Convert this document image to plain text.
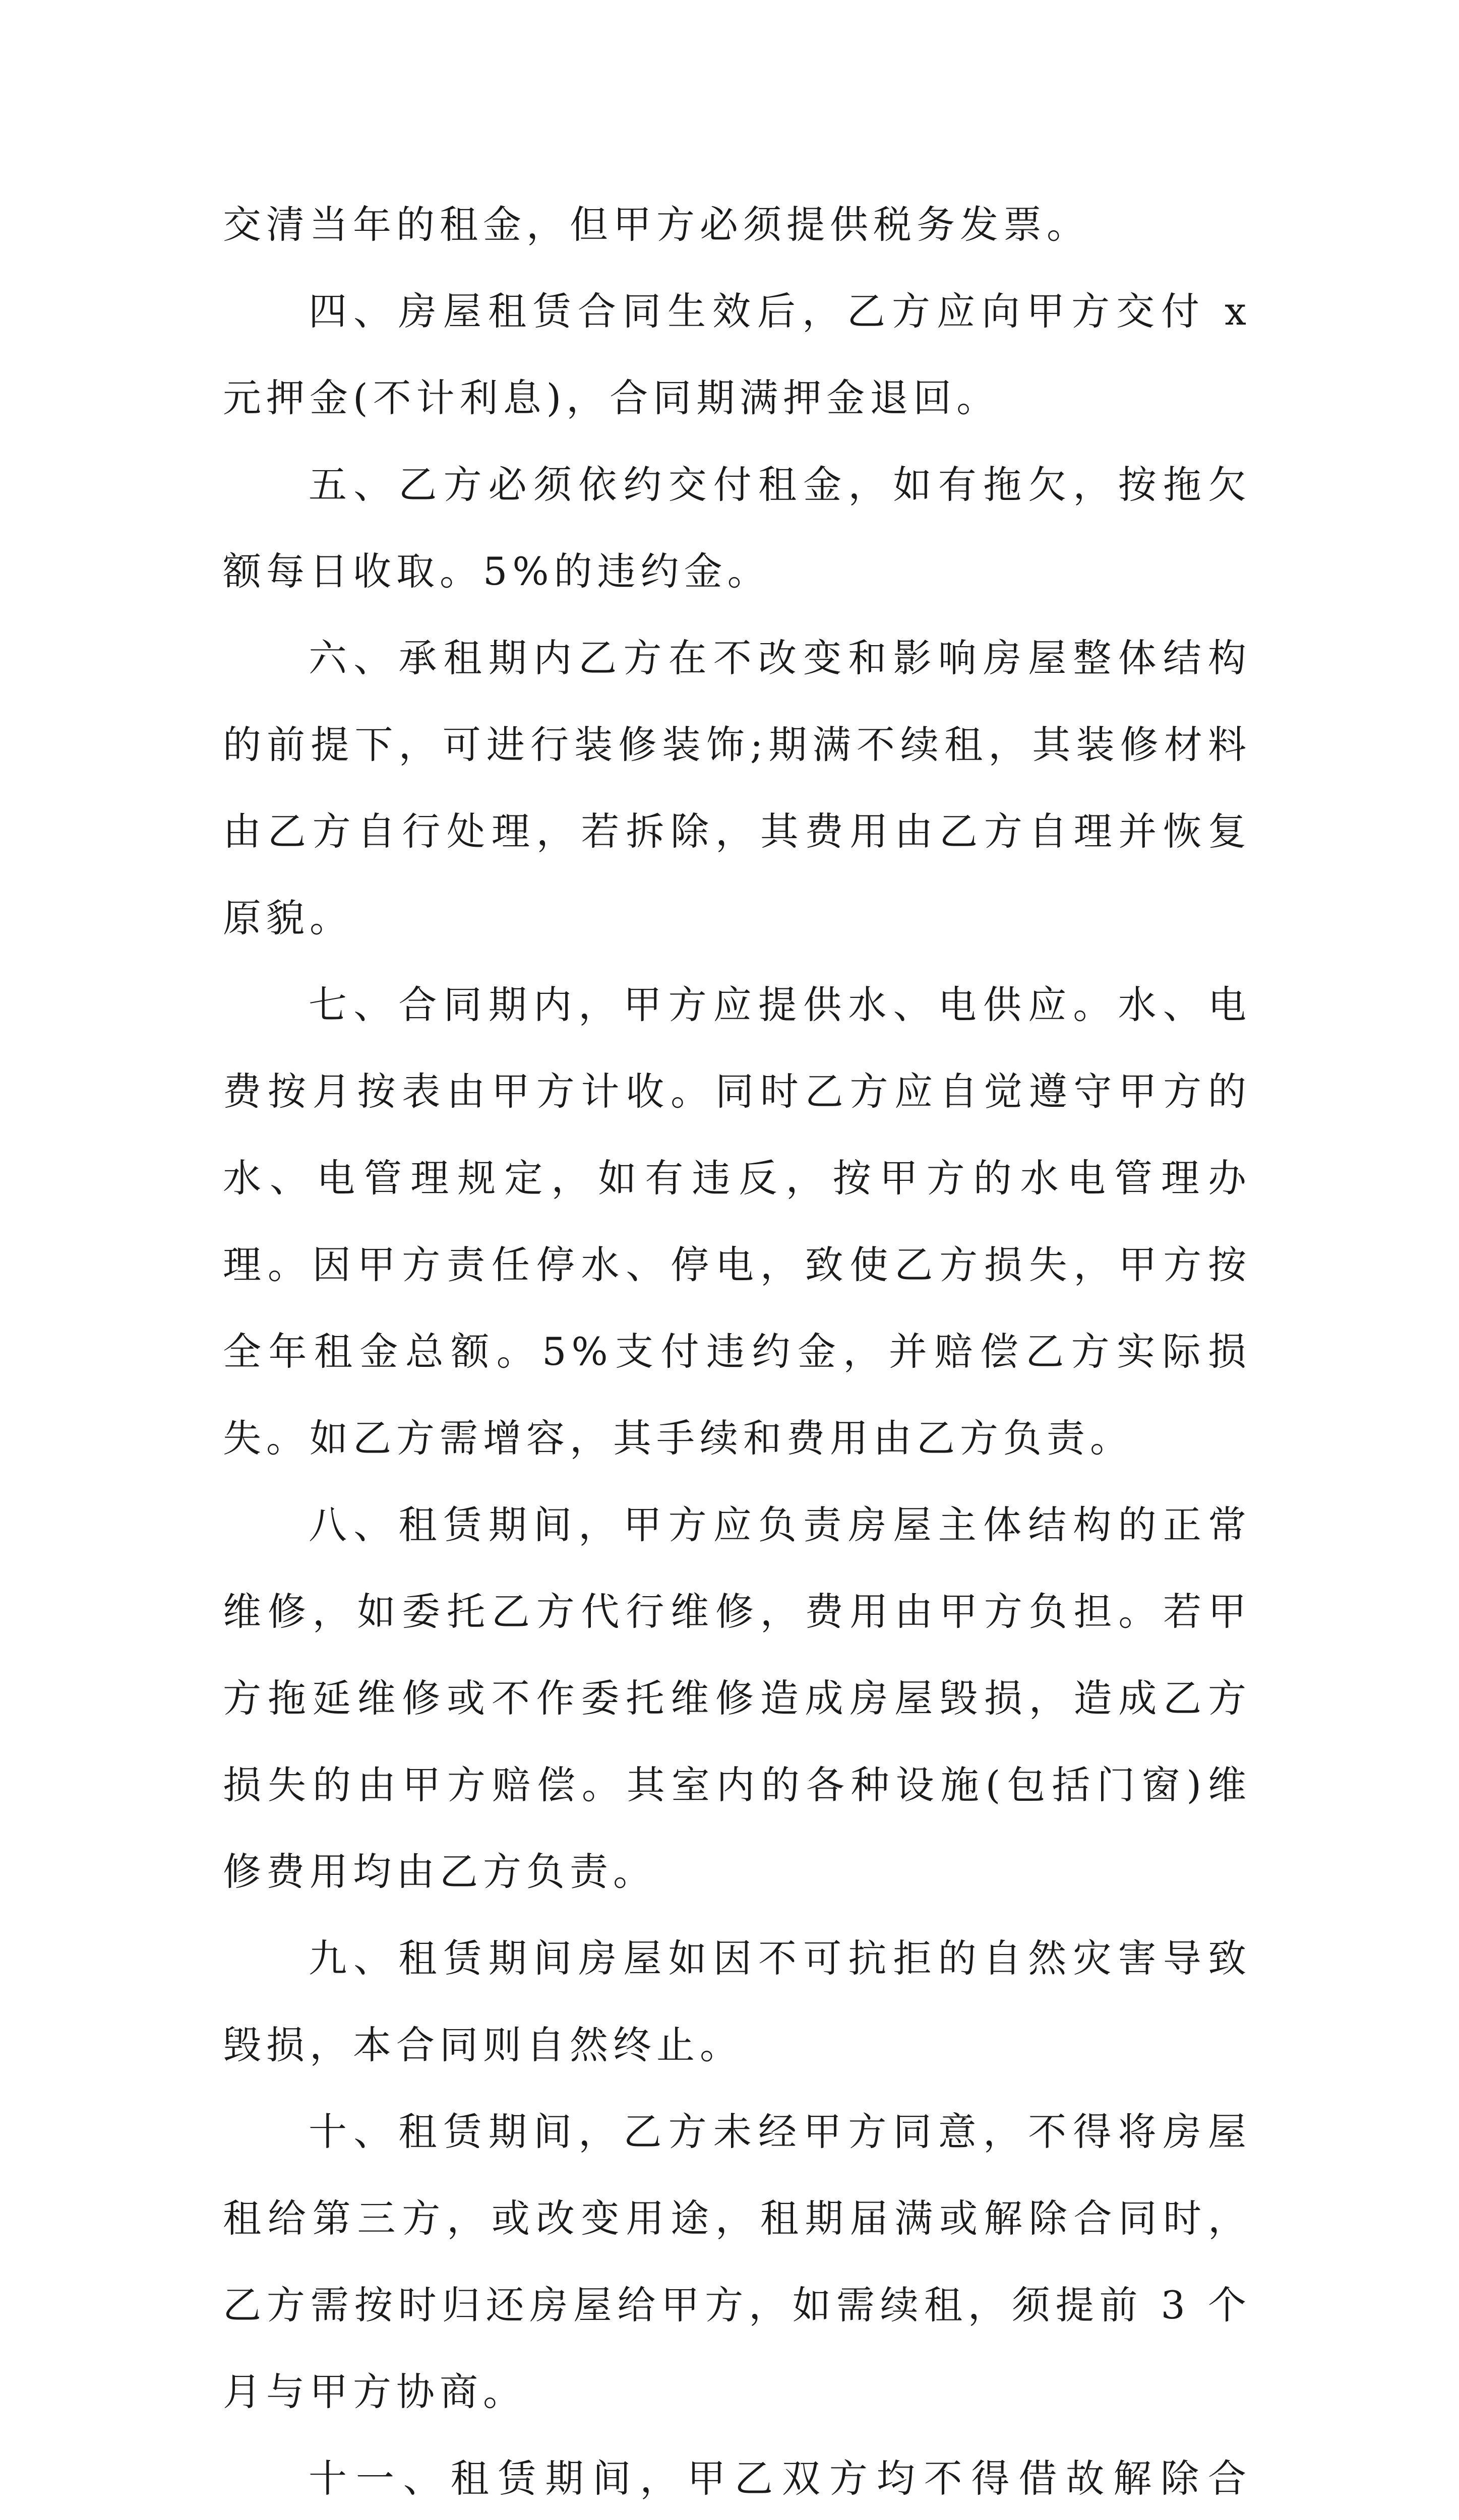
交清当年的租金，但甲方必须提供税务发票。

四、房屋租赁合同生效后，乙方应向甲方交付 x 元押金(不计利息)，合同期满押金退回。

五、乙方必须依约交付租金，如有拖欠，按拖欠额每日收取。5%的违约金。

六、承租期内乙方在不改变和影响房屋整体结构的前提下，可进行装修装饰;期满不续租，其装修材料由乙方自行处理，若拆除，其费用由乙方自理并恢复原貌。

七、合同期内，甲方应提供水、电供应。水、电费按月按表由甲方计收。同时乙方应自觉遵守甲方的水、电管理规定，如有违反，按甲方的水电管理办理。因甲方责任停水、停电，致使乙方损失，甲方按全年租金总额。5%支付违约金，并赔偿乙方实际损失。如乙方需增容，其手续和费用由乙方负责。

八、租赁期间，甲方应负责房屋主体结构的正常维修，如委托乙方代行维修，费用由甲方负担。若甲方拖延维修或不作委托维修造成房屋毁损，造成乙方损失的由甲方赔偿。其室内的各种设施(包括门窗)维修费用均由乙方负责。

九、租赁期间房屋如因不可抗拒的自然灾害导致毁损，本合同则自然终止。

十、租赁期间，乙方未经甲方同意，不得将房屋租给第三方，或改变用途，租期届满或解除合同时，乙方需按时归还房屋给甲方，如需续租，须提前 3 个月与甲方协商。

十一、租赁期间，甲乙双方均不得借故解除合
